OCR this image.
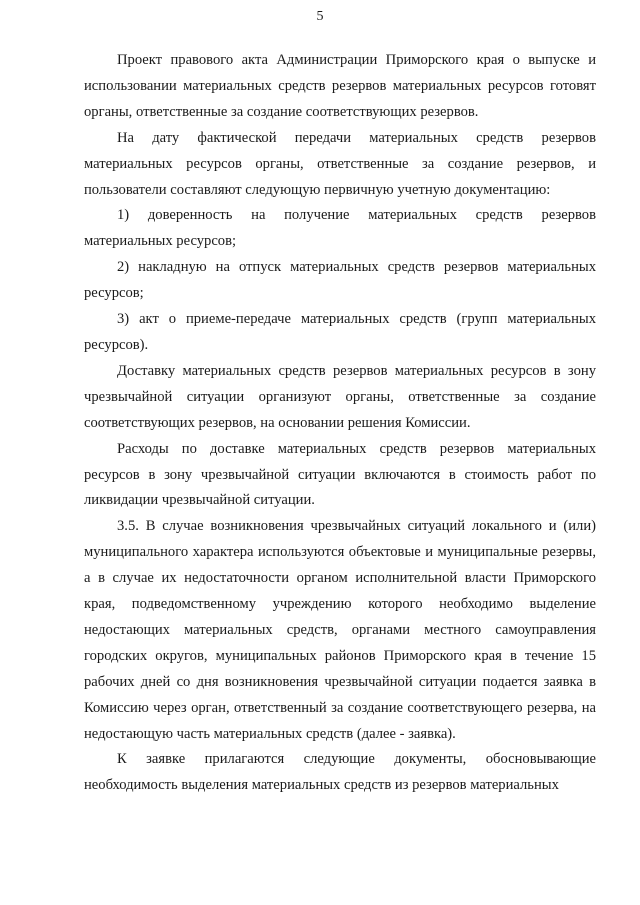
5

Проект правового акта Администрации Приморского края о выпуске и использовании материальных средств резервов материальных ресурсов готовят органы, ответственные за создание соответствующих резервов.

На дату фактической передачи материальных средств резервов материальных ресурсов органы, ответственные за создание резервов, и пользователи составляют следующую первичную учетную документацию:

1) доверенность на получение материальных средств резервов материальных ресурсов;

2) накладную на отпуск материальных средств резервов материальных ресурсов;

3) акт о приеме-передаче материальных средств (групп материальных ресурсов).

Доставку материальных средств резервов материальных ресурсов в зону чрезвычайной ситуации организуют органы, ответственные за создание соответствующих резервов, на основании решения Комиссии.

Расходы по доставке материальных средств резервов материальных ресурсов в зону чрезвычайной ситуации включаются в стоимость работ по ликвидации чрезвычайной ситуации.

3.5. В случае возникновения чрезвычайных ситуаций локального и (или) муниципального характера используются объектовые и муниципальные резервы, а в случае их недостаточности органом исполнительной власти Приморского края, подведомственному учреждению которого необходимо выделение недостающих материальных средств, органами местного самоуправления городских округов, муниципальных районов Приморского края в течение 15 рабочих дней со дня возникновения чрезвычайной ситуации подается заявка в Комиссию через орган, ответственный за создание соответствующего резерва, на недостающую часть материальных средств (далее - заявка).

К заявке прилагаются следующие документы, обосновывающие необходимость выделения материальных средств из резервов материальных
